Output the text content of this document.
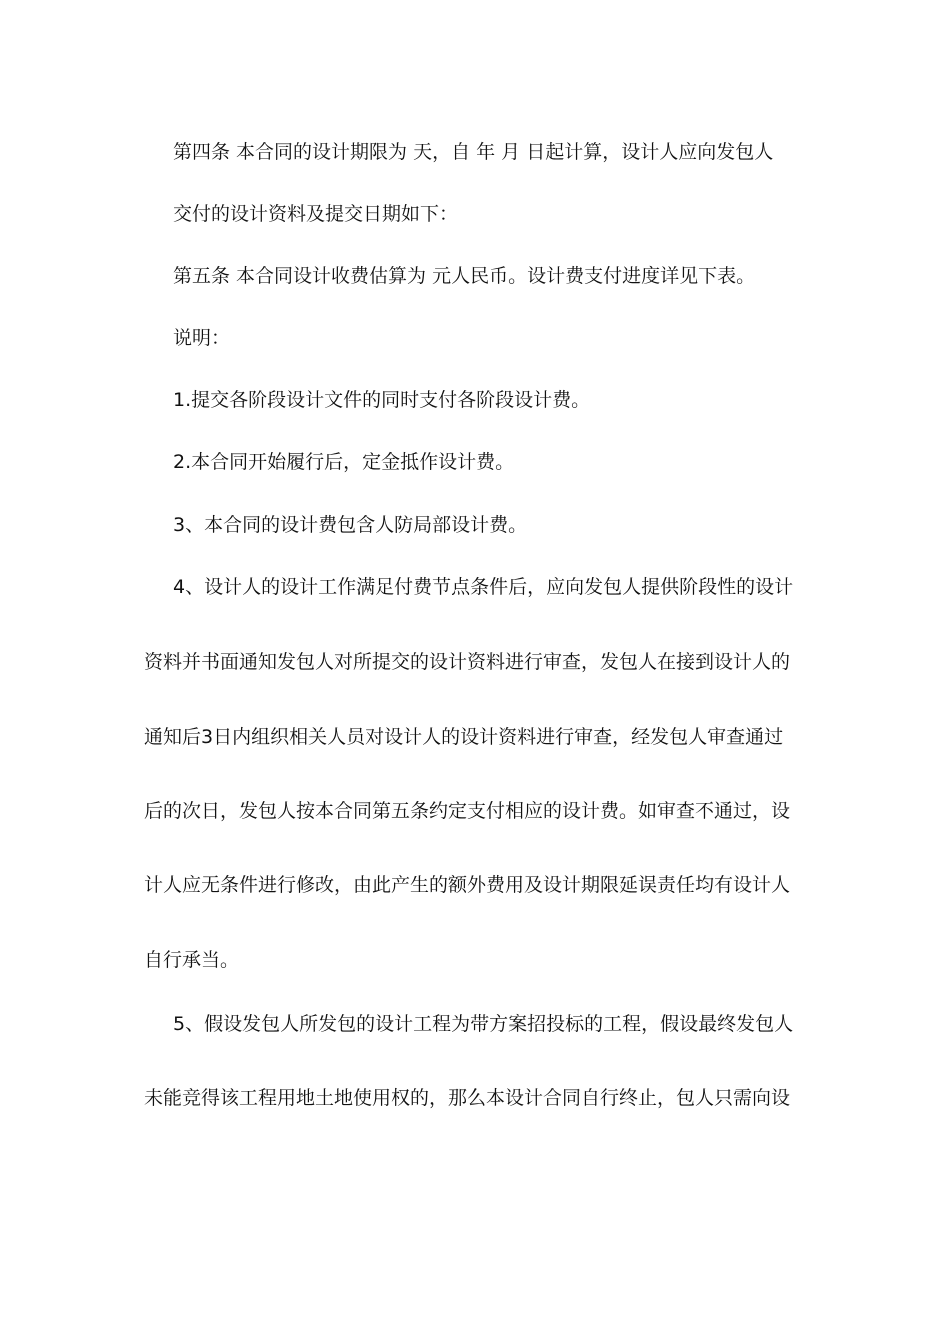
第四条 本合同的设计期限为 天，自 年 月 日起计算，设计人应向发包人
交付的设计资料及提交日期如下：
第五条 本合同设计收费估算为 元人民币。设计费支付进度详见下表。
说明：
1.提交各阶段设计文件的同时支付各阶段设计费。
2.本合同开始履行后，定金抵作设计费。
3、本合同的设计费包含人防局部设计费。
4、设计人的设计工作满足付费节点条件后，应向发包人提供阶段性的设计
资料并书面通知发包人对所提交的设计资料进行审查，发包人在接到设计人的
通知后3日内组织相关人员对设计人的设计资料进行审查，经发包人审查通过
后的次日，发包人按本合同第五条约定支付相应的设计费。如审查不通过，设
计人应无条件进行修改，由此产生的额外费用及设计期限延误责任均有设计人
自行承当。
5、假设发包人所发包的设计工程为带方案招投标的工程，假设最终发包人
未能竞得该工程用地土地使用权的，那么本设计合同自行终止，包人只需向设
